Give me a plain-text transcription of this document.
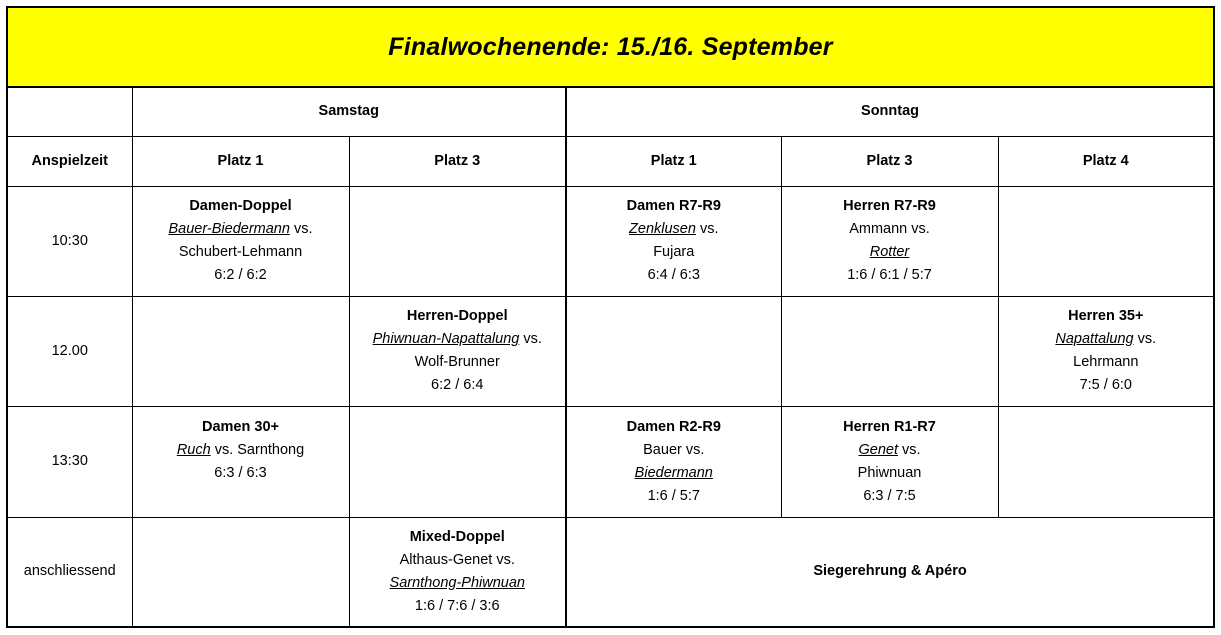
Finalwochenende: 15./16. September
	Samstag		Sonntag		
Anspielzeit	Platz 1	Platz 3	Platz 1	Platz 3	Platz 4
10:30	Damen-Doppel
Bauer-Biedermann vs.
Schubert-Lehmann
6:2 / 6:2		Damen R7-R9
Zenklusen vs.
Fujara
6:4 / 6:3	Herren R7-R9
Ammann vs.
Rotter
1:6 / 6:1 / 5:7	

12.00		Herren-Doppel
Phiwnuan-Napattalung vs.
Wolf-Brunner
6:2 / 6:4			Herren 35+
Napattalung vs.
Lehrmann
7:5 / 6:0

13:30	Damen 30+
Ruch vs. Sarnthong
6:3 / 6:3		Damen R2-R9
Bauer vs.
Biedermann
1:6 / 5:7	Herren R1-R7
Genet vs.
Phiwnuan
6:3 / 7:5	

anschliessend		Mixed-Doppel
Althaus-Genet vs.
Sarnthong-Phiwnuan
1:6 / 7:6 / 3:6	Siegerehrung & Apéro		
